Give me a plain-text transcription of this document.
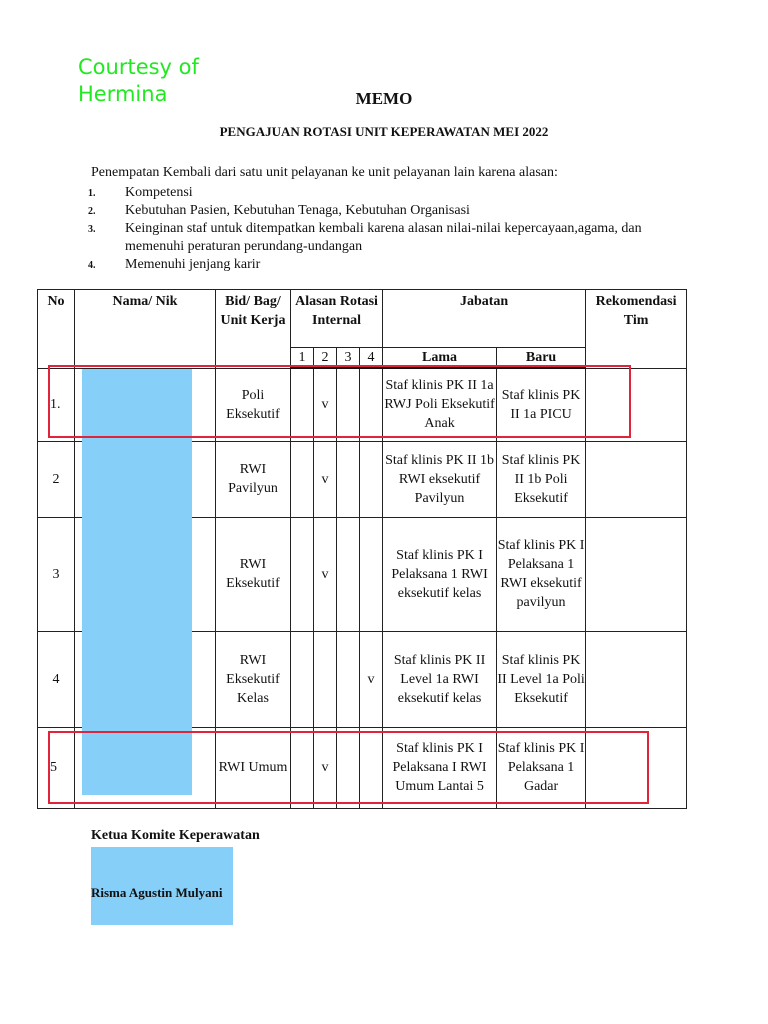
Courtesy of Hermina	MEMO
PENGAJUAN ROTASI UNIT KEPERAWATAN MEI 2022
Penempatan Kembali dari satu unit pelayanan ke unit pelayanan lain karena alasan:
1. Kompetensi
2. Kebutuhan Pasien, Kebutuhan Tenaga, Kebutuhan Organisasi
3. Keinginan staf untuk ditempatkan kembali karena alasan nilai-nilai kepercayaan,agama, dan memenuhi peraturan perundang-undangan
4. Memenuhi jenjang karir
No	Nama/ Nik	Bid/ Bag/ Unit Kerja	Alasan Rotasi Internal				Jabatan		Rekomendasi Tim
			1	2	3	4	Lama	Baru	
1.		Poli Eksekutif		v			Staf klinis PK II 1a RWJ Poli Eksekutif Anak	Staf klinis PK II 1a PICU	
2		RWI Pavilyun		v			Staf klinis PK II 1b RWI eksekutif Pavilyun	Staf klinis PK II 1b Poli Eksekutif	
3		RWI Eksekutif		v			Staf klinis PK I Pelaksana 1 RWI eksekutif kelas	Staf klinis PK I Pelaksana 1 RWI eksekutif pavilyun	
4		RWI Eksekutif Kelas				v	Staf klinis PK II Level 1a RWI eksekutif kelas	Staf klinis PK II Level 1a Poli Eksekutif	
5		RWI Umum		v			Staf klinis PK I Pelaksana I RWI Umum Lantai 5	Staf klinis PK I Pelaksana 1 Gadar	
Ketua Komite Keperawatan
Risma Agustin Mulyani
